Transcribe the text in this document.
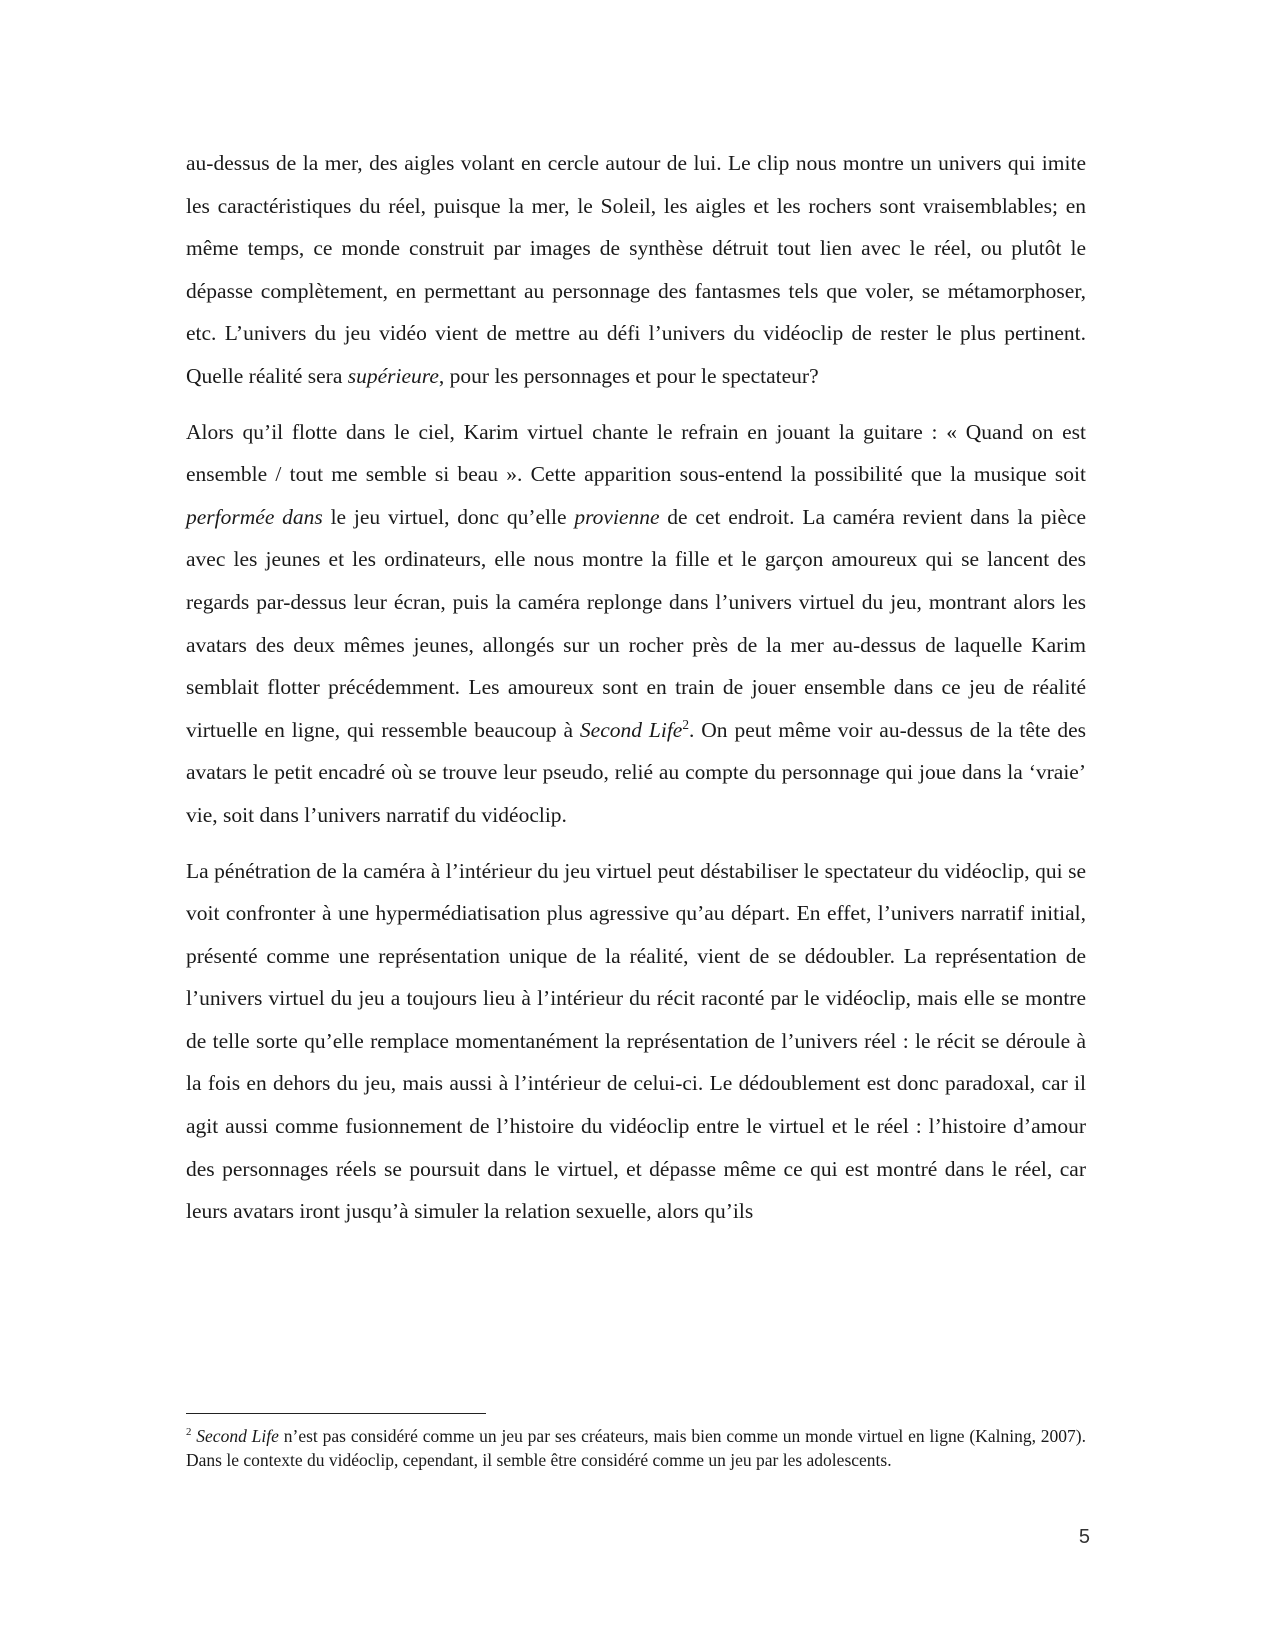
au-dessus de la mer, des aigles volant en cercle autour de lui. Le clip nous montre un univers qui imite les caractéristiques du réel, puisque la mer, le Soleil, les aigles et les rochers sont vraisemblables; en même temps, ce monde construit par images de synthèse détruit tout lien avec le réel, ou plutôt le dépasse complètement, en permettant au personnage des fantasmes tels que voler, se métamorphoser, etc. L’univers du jeu vidéo vient de mettre au défi l’univers du vidéoclip de rester le plus pertinent. Quelle réalité sera supérieure, pour les personnages et pour le spectateur?

Alors qu’il flotte dans le ciel, Karim virtuel chante le refrain en jouant la guitare : « Quand on est ensemble / tout me semble si beau ». Cette apparition sous-entend la possibilité que la musique soit performée dans le jeu virtuel, donc qu’elle provienne de cet endroit. La caméra revient dans la pièce avec les jeunes et les ordinateurs, elle nous montre la fille et le garçon amoureux qui se lancent des regards par-dessus leur écran, puis la caméra replonge dans l’univers virtuel du jeu, montrant alors les avatars des deux mêmes jeunes, allongés sur un rocher près de la mer au-dessus de laquelle Karim semblait flotter précédemment. Les amoureux sont en train de jouer ensemble dans ce jeu de réalité virtuelle en ligne, qui ressemble beaucoup à Second Life$^2$. On peut même voir au-dessus de la tête des avatars le petit encadré où se trouve leur pseudo, relié au compte du personnage qui joue dans la ‘vraie’ vie, soit dans l’univers narratif du vidéoclip.

La pénétration de la caméra à l’intérieur du jeu virtuel peut déstabiliser le spectateur du vidéoclip, qui se voit confronter à une hypermédiatisation plus agressive qu’au départ. En effet, l’univers narratif initial, présenté comme une représentation unique de la réalité, vient de se dédoubler. La représentation de l’univers virtuel du jeu a toujours lieu à l’intérieur du récit raconté par le vidéoclip, mais elle se montre de telle sorte qu’elle remplace momentanément la représentation de l’univers réel : le récit se déroule à la fois en dehors du jeu, mais aussi à l’intérieur de celui-ci. Le dédoublement est donc paradoxal, car il agit aussi comme fusionnement de l’histoire du vidéoclip entre le virtuel et le réel : l’histoire d’amour des personnages réels se poursuit dans le virtuel, et dépasse même ce qui est montré dans le réel, car leurs avatars iront jusqu’à simuler la relation sexuelle, alors qu’ils

$^2$ Second Life n’est pas considéré comme un jeu par ses créateurs, mais bien comme un monde virtuel en ligne (Kalning, 2007). Dans le contexte du vidéoclip, cependant, il semble être considéré comme un jeu par les adolescents.

5
